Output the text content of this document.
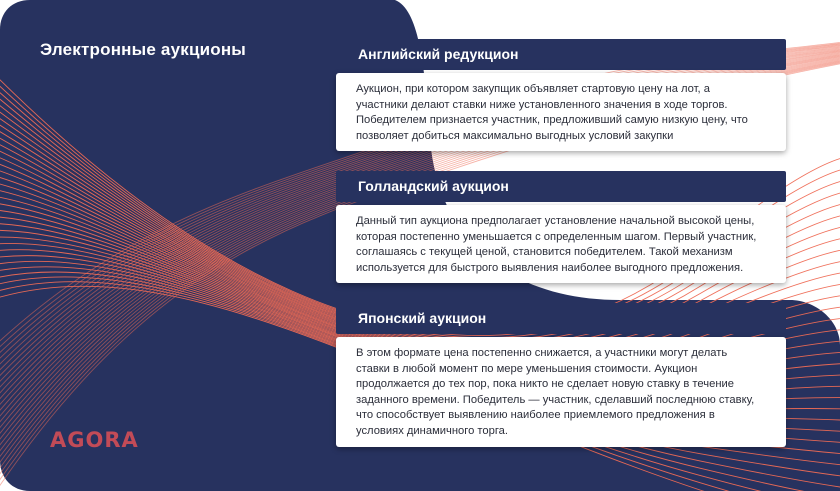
Электронные аукционы
AGORA
Английский редукцион
Аукцион, при котором закупщик объявляет стартовую цену на лот, а участники делают ставки ниже установленного значения в ходе торгов. Победителем признается участник, предложивший самую низкую цену, что позволяет добиться максимально выгодных условий закупки
Голландский аукцион
Данный тип аукциона предполагает установление начальной высокой цены, которая постепенно уменьшается с определенным шагом. Первый участник, соглашаясь с текущей ценой, становится победителем. Такой механизм используется для быстрого выявления наиболее выгодного предложения.
Японский аукцион
В этом формате цена постепенно снижается, а участники могут делать ставки в любой момент по мере уменьшения стоимости. Аукцион продолжается до тех пор, пока никто не сделает новую ставку в течение заданного времени. Победитель — участник, сделавший последнюю ставку, что способствует выявлению наиболее приемлемого предложения в условиях динамичного торга.
